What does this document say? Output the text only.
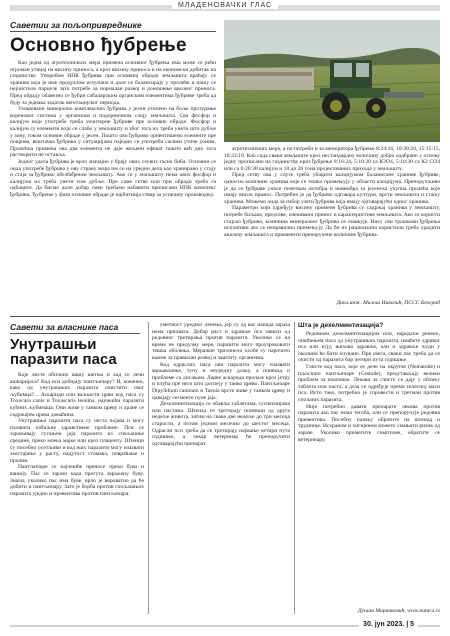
МЛАДЕНОВАЧКИ ГЛАС
Саветии за пољопривреднике
Основно ђубрење

Као једна од агротехничких мера примена основног ђубрења има може се рећи огроман утицај на висину приноса, а кроз висину приноса и на економски добитак на газдинству. Упоребом НПК ђубрива при основној обради земљишта враћају се хранива која је име продуктом исчупана и дале се балансирају у пролеће и пашу се нејчистиле парцеле зато потребе за нормалан развој и доношење високог приноса. Пред обраду обавезно се ђубри сабаларским органским елементима ђубриве треба да буду за једнака задатак вегетацијског периода.

Ухошевани минерално комплексних ђубрива у јесен утичено на боље протурање кореновог система у органском и подорничном слоју земљишта. Сва фосфор и калијум који употребе треба уочитерне ђубриве пре основне обраде. Фосфор и калијум су елементи који се слабо у земљишту и због тога их треба унети што дубље у зону, током основне обраде у јесен. Пошто ово ђубриво ориентишемо елементе пре покрова, вештачка ђубрива у ситуацијама наједно се употреба сасвим утиче уоним. Пролећна примена ова два елемента не даје жељени ефекат пошто већ дио тога растворити не оставља.

Једног удела ђубрива је врло значајно у брају ових сеувих гасно биба. Основни се онда употребе ђубрива у ову страну мора им се на уредни дела као хранирано у стају и стаја за ђубриво обезбеђеном земљишту. Ако се у земљишту нема ових фосфор и калијума их треба унети тим дубље. Пре саме сетве или при обради треба га одбаците. Да бисмо дали добар смер требамо набавити прописани НПК комплекс ђубрива. Ђубрење у фази основне обраде је најбитнија ствар за успешну производњу.

агротехничких мера, а по потреби и за меморатора ђубрење 8:24:16, 10:30:20, 15:15:15, 18:22:10. Као сада сваки земљиште кроз нестандардну количину добро одабрано у основу једну прописано на газдинству кроз ђубрење 8:16:24, 5:10:20 са К2О4, 5:10:30 са К2 СО4 или са 6:20:30 калијум и 10 до 20 тона пројектованих прихода у земљишту.

Пред сетву ова у слуге треба убацити калцијумом баланисане храниве ђубриве, односно количине хранива које се тешко примењују у области калцијума. Препоручљиво је да се ђубриве уносе почетком октобра и новембра за јесенска укупна пролећа које имају висок принос. Потребно је да ђубриво одговара култури, врсти земљишта и стању хранива. Можемо онда за избор узети ђубрива која имају одговарајући однос хранива.

Параметри који одређују висину примене ђубрива су садржај хранива у земљишту, потребе биљака, предсеве, очекивани принос и карактеристике земљишта. Ако се користи стајско ђубриво, количина минералног ђубрива се смањује. Нису сви трошкови ђубрења исплативи ако се неправилно примењују. Да би их рационално користили треба урадити анализу земљишта и применити препоручене количине ђубрива.

Дипл.инж. Милош Николић, ПССС Београд
Савети за власнике паса
Унутрашњи паразити паса

Које листе обичних вашу шетња и кад се лечи ашкаријаса? Кад пси добијају пантљичару? И, коначно, како од унутрашњих паразита очистити свог љубимца?... Аскариди или ваљкасти црви код паса су Toxocara canis и Toxascaris leonina, најчешћи паразити кућних љубимаца. Они живе у танком цреву и хране се садржајем црева домаћина.

Унутрашњи паразити паса су честа појава и могу изазвати озбиљне здравствене проблеме. Пси се заражавају гутањем јаја паразита из спољашње средине, преко млека мајке или кроз плаценту. Штенци су посебно осетљиви и код њих паразити могу изазвати заостајање у расту, надутост стомака, повраћање и пролив.

Пантљичаре се најчешће преносе преко бува и вашију. Пас се зарази када прогута заражену буву. Значи, уколико пас има буве, врло је вероватно да ће добити и пантљичару. Зато је борба против спољашњих паразита уједно и превентива против пантљичара.

уметност уредног лечења, јер су од вас напада зараза нема прихвата. Добар раст и здравље пса зависи од редовног третирања против паразита. Уколико се на време не предузму мере, паразити могу проузроковати тешка оболења. Меражне трихинело особе су нарочито важне за правилан развој и заштиту организма.

Код одраслих паса ови паразити могу изазвати мршављење, тупу и неуредну длаку, а понекад и проблеме са дисањем. Ларве аскарида пролазе кроз јетру и плућа пре него што доспеју у танко црево. Пантљичаре Dipylidium caninum и Taenia врсте живе у танком цреву и одвајају сегменте пуне јаја.

Дехелминтизација се обавља таблетама, суспензијама или пастама. Штенад се третирају почевши од друге недеље живота, затим на сваке две недеље до три месеца старости, а потом једном месечно до шестог месеца. Одрасли пси треба да се третирају најмање четири пута годишње, а лекар ветеринар ће препоручити одговарајући препарат.

Шта је дехелминтизација?

Редовном дехелминтизацијом или, народски речено, чишћењем паса од унутрашњих паразита, имаћете здравог пса или кују, њихово здравље, али и здравље људи у околини ће бити очувано. Пре свега, сваки пас треба да се очисти од паразита бар четири пута годишње.

Глисте код паса, које се деле на округле (Nematode) и пљоснате пантљичаре (Cestode), представљају велики проблем за власнике. Лекови за глисте се дају у облику таблета или паста, а доза се одређује према телесној маси пса. Исто тако, потребно је спровести и третман против спољних паразита.

Није потребно давати препарате лекова против паразита ако пас нема тегоба, али се препоручује редовна превентива. Посебну пажњу обратите на штенад и труднице. Исхраном и хигијеном можете смањити ризик од заразе. Уколико приметите симптоме, обратите се ветеринару.

Душан Маринковић, www.natura.rs
30. јун 2023. | 5
